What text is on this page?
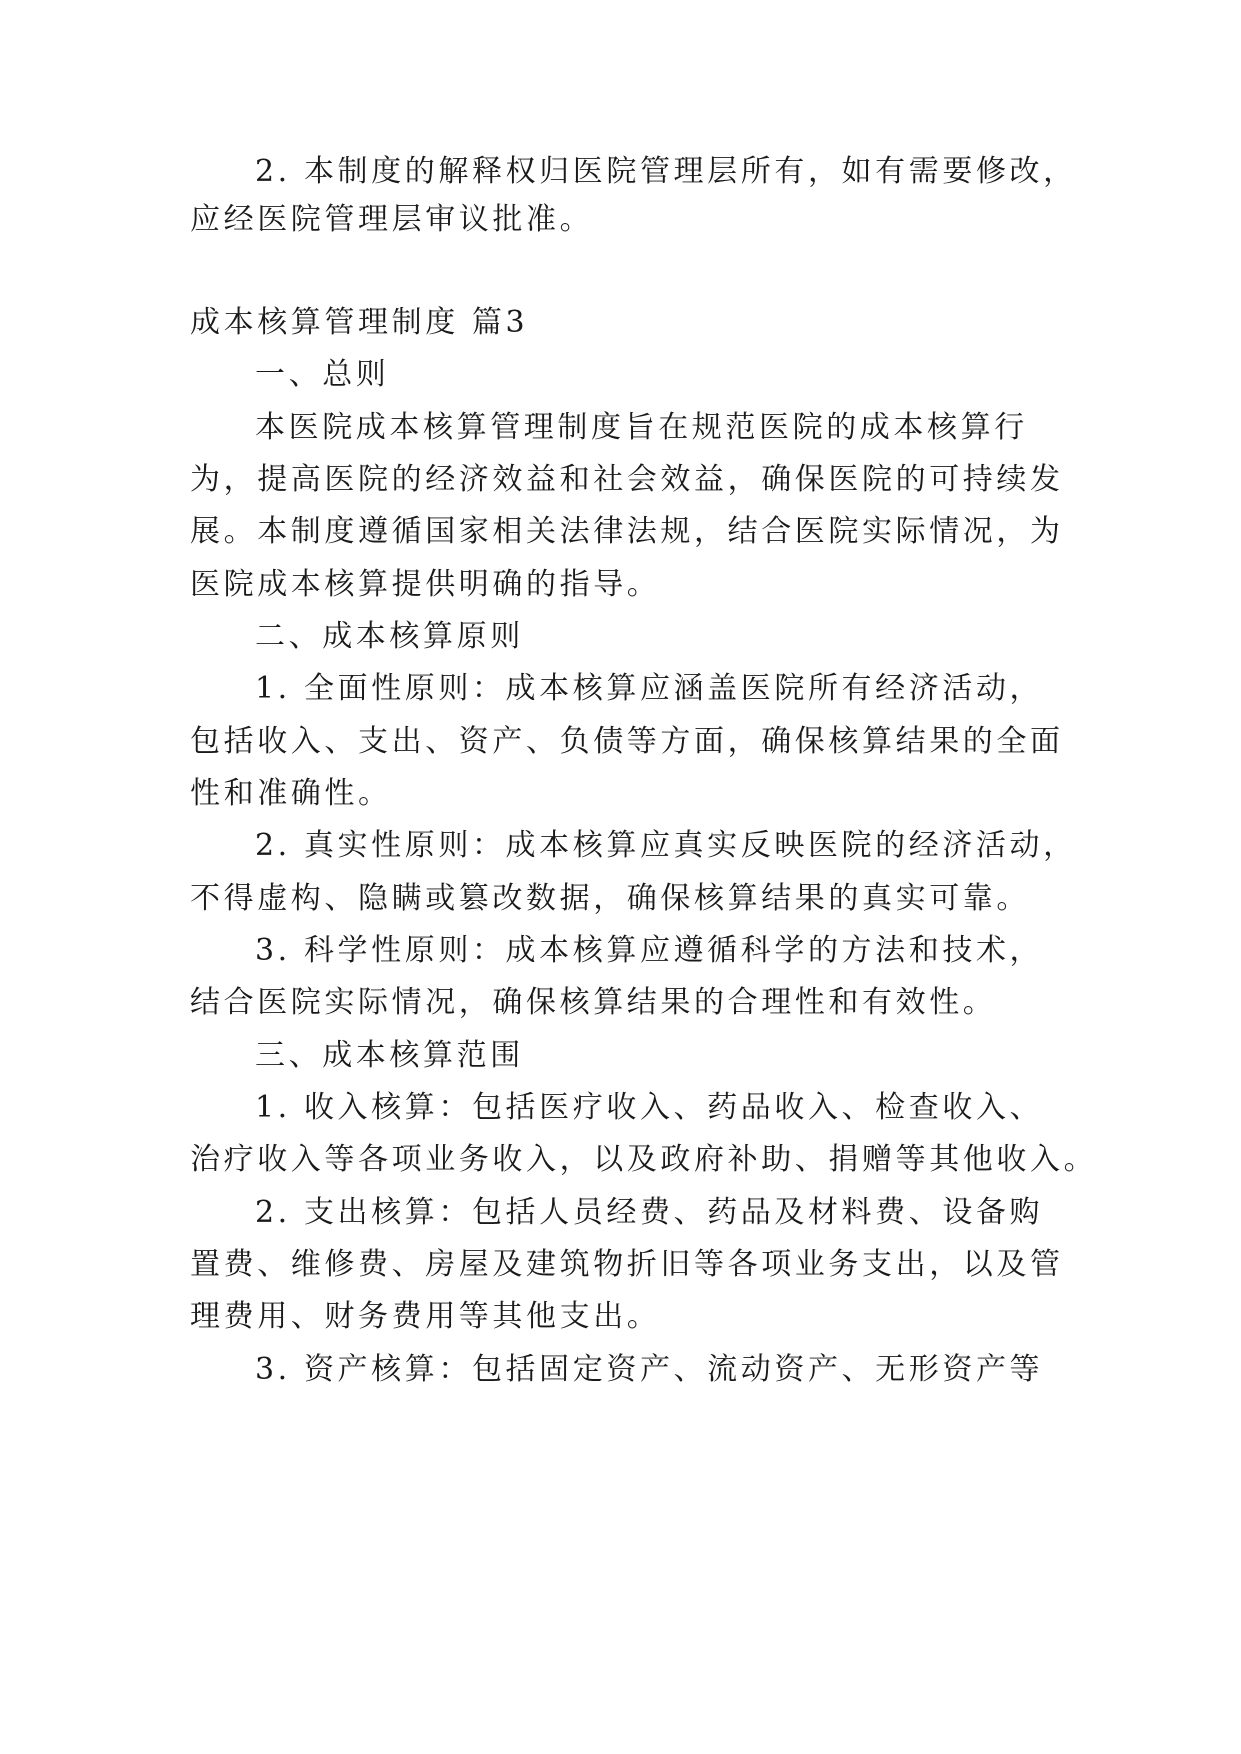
2. 本制度的解释权归医院管理层所有，如有需要修改，
应经医院管理层审议批准。
成本核算管理制度 篇3
一、总则
本医院成本核算管理制度旨在规范医院的成本核算行
为，提高医院的经济效益和社会效益，确保医院的可持续发
展。本制度遵循国家相关法律法规，结合医院实际情况，为
医院成本核算提供明确的指导。
二、成本核算原则
1. 全面性原则：成本核算应涵盖医院所有经济活动，
包括收入、支出、资产、负债等方面，确保核算结果的全面
性和准确性。
2. 真实性原则：成本核算应真实反映医院的经济活动，
不得虚构、隐瞒或篡改数据，确保核算结果的真实可靠。
3. 科学性原则：成本核算应遵循科学的方法和技术，
结合医院实际情况，确保核算结果的合理性和有效性。
三、成本核算范围
1. 收入核算：包括医疗收入、药品收入、检查收入、
治疗收入等各项业务收入，以及政府补助、捐赠等其他收入。
2. 支出核算：包括人员经费、药品及材料费、设备购
置费、维修费、房屋及建筑物折旧等各项业务支出，以及管
理费用、财务费用等其他支出。
3. 资产核算：包括固定资产、流动资产、无形资产等
